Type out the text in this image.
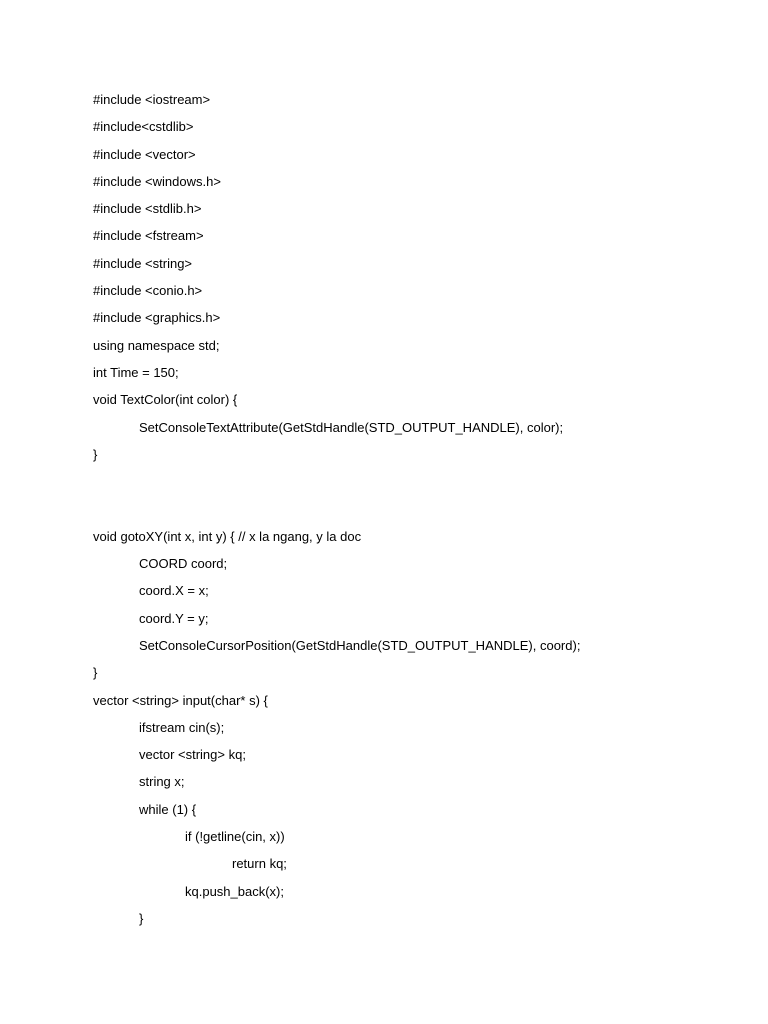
#include <iostream>
#include<cstdlib>
#include <vector>
#include <windows.h>
#include <stdlib.h>
#include <fstream>
#include <string>
#include <conio.h>
#include <graphics.h>
using namespace std;
int Time = 150;
void TextColor(int color) {
SetConsoleTextAttribute(GetStdHandle(STD_OUTPUT_HANDLE), color);
}
void gotoXY(int x, int y) { // x la ngang, y la doc
COORD coord;
coord.X = x;
coord.Y = y;
SetConsoleCursorPosition(GetStdHandle(STD_OUTPUT_HANDLE), coord);
}
vector <string> input(char* s) {
ifstream cin(s);
vector <string> kq;
string x;
while (1) {
if (!getline(cin, x))
return kq;
kq.push_back(x);
}
